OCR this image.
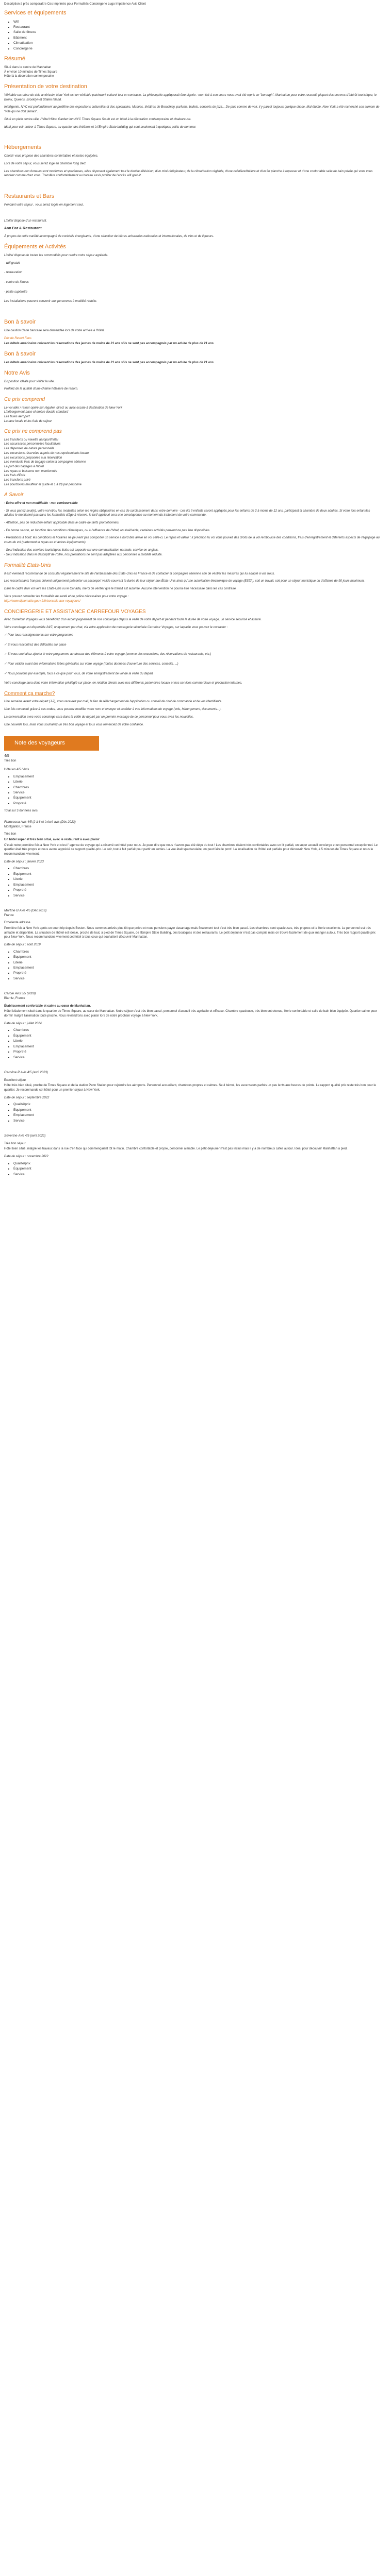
Description à près comparaître Ces imprimés pour Formalités Conciergerie Lugo Impatience Avis Client

Services et équipements
▪ Wifi
▪ Restaurant
▪ Salle de fitness
▪ Bâtiment
▪ Climatisation
▪ Conciergerie
Résumé

Situé dans le centre de Manhattan

À environ 10 minutes de Times Square

Hôtel à la décoration contemporaine

Présentation de votre destination

Véritable carrefour de chic américain, New York est un véritable patchwork culturel tout en contraste. La philosophie appliquerait être signée : mon fait à son cours nous avait été repris en "borough". Manhattan pour votre ressentir plupart des oeuvres d'intérêt touristique, le Bronx, Queens, Brooklyn et Staten Island.

Intelligente, NYC est profondément au prolifère des expositions culturelles et des spectacles. Musées, théâtres de Broadway, parfums, ballets, concerts de jazz... De plus comme de voir, il y parcel toujours quelque chose. Mal étudie, New York a été recherché son surnom de "ville qui ne dort jamais".

Situé en plein centre-ville, l'hôtel Hilton Garden Inn NYC Times Square South est un hôtel à la décoration contemporaine et chaleureuse.

Idéal pour voir arriver à Times Square, au quartier des théâtres et à l'Empire State building qui sont seulement à quelques petits de nommer.

Hébergements

Choisir vous propose des chambres confortables et toutes équipées.

Lors de votre séjour, vous serez logé en chambre King Bed.

Les chambres non fumeurs sont modernes et spacieuses, elles disposent également tout le double télévision, d'un mini-réfrigérateur, de la climatisation réglable, d'une cafetière/théière et d'un fer planche à repasser et d'une confortable salle de bain privée qui vous vous rendrez comme chez vous. Transfère confortablement au bureau assis profiter de l'accès wifi gratuit.

Restaurants et Bars

Pendant votre séjour , vous serez logés en logement seul.

L'hôtel dispose d'un restaurant.

Ann Bar & Restaurant

À propos de cette variété accompagné de cocktails énergisants, d'une sélection de bières artisanales nationales et internationales, de vins et de liqueurs.

Équipements et Activités

L'hôtel dispose de toutes les commodités pour rendre votre séjour agréable.

- wifi gratuit

- restauration

- centre de fitness

- petite supérette

Les installations peuvent convenir aux personnes à mobilité réduite.

Bon à savoir

Une caution Carte bancaire sera demandée lors de votre arrivée à l'hôtel.

Prix de Resort Fees

Les hôtels américains refusent les réservations des jeunes de moins de 21 ans s'ils ne sont pas accompagnés par un adulte de plus de 21 ans.

Bon à savoir

Les hôtels américains refusent les réservations des jeunes de moins de 21 ans s'ils ne sont pas accompagnés par un adulte de plus de 21 ans.

Notre Avis

Disposition idéale pour visiter la ville.

Profitez de la qualité d'une chaîne hôtelière de renom.

Ce prix comprend

Le vol aller / retour opéré sur régulier, direct ou avec escale à destination de New York

L'hébergement base chambre double standard

Les taxes aéroport

La taxe locale et les frais de séjour

Ce prix ne comprend pas

Les transferts ou navette aéroport/hôtel

Les assurances personnelles facultatives

Les dépenses de nature personnelle

Les excursions réservées auprès de nos représentants locaux

Les excursions proposées à la réservation

Les éventuels frais de bagage selon la compagnie aérienne

Le port des bagages à l'hôtel

Les repas et boissons non mentionnés

Les frais d'Esta

Les transferts privé

Les pourboires mauffeur et guide et 1 à 2$ par personne

A Savoir

- Extra offre et non modifiable - non remboursable

- Si vous partez seul(e), votre vol et/ou les modalités selon les règles obligatoires en cas de surclassement dans votre dernière - Les lits ll enfants seront appliqués pour les enfants de 2 à moins de 12 ans, participant la chambre de deux adultes. Si votre lors enfant/les adultes le mentionné pas dans les formalités d'âge à réserve, le tarif appliqué sera une conséquence au moment du traitement de votre commande.

- Attention, pas de réduction enfant applicable dans le cadre de tarifs promotionnels.

- En bonne saison, en fonction des conditions climatiques, ou à l'affluence de l'hôtel, un tirail/sable, certaines activités peuvent ne pas être disponibles.

- Prestations à bord: les conditions et horaires ne peuvent pas comporter un service à bord dès arrivé en vol celle-ci. Le repas et valeur : il précision l'u vol vous pouvez des droits de la vol rembourse des conditions, frais d'enregistrement et différents aspects de l'équipage au cours du vol (partement et repas en et autres équipements).

- Seul indication des services touristiques listés est exposée sur une communication normale, service en anglais.

- Seul indication dans le descriptif de l'offre, nos prestations ne sont pas adaptées aux personnes à mobilité réduite.

Formalité Etats-Unis

Il est vivement recommandé de consulter régulièrement le site de l'ambassade des États-Unis en France et de contacter la compagnie aérienne afin de vérifier les mesures qui lui adapté à vos trous.

Les ressortissants français doivent uniquement présenter un passeport valide couvrant la durée de leur séjour aux États-Unis ainsi qu'une autorisation électronique de voyage (ESTA), soit un travail, soit pour un séjour touristique ou d'affaires de 90 jours maximum.

Dans le cadre d'un vol vers les Etats-Unis ou le Canada, merci de vérifier que le transit est autorisé. Aucune intervention ne pourra être nécessaire dans les cas contraire.

Vous pouvez consulter les formalités de santé et de police nécessaires pour votre voyage :

http://www.diplomatie.gouv.fr/fr/conseils-aux-voyageurs/
CONCIERGERIE ET ASSISTANCE CARREFOUR VOYAGES

Avec Carrefour Voyages vous bénéficiez d'un accompagnement de nos concierges depuis la veille de votre départ et pendant toute la durée de votre voyage, un service sécurisé et assuré.

Votre concierge est disponible 24/7, uniquement par chat, via votre application de messagerie sécurisée Carrefour Voyages, sur laquelle vous pouvez le contacter :

✓ Pour tous renseignements sur votre programme

✓ Si vous rencontrez des difficultés sur place

✓ Si vous souhaitez ajouter à votre programme au-dessus des éléments à votre voyage (comme des excursions, des réservations de restaurants, etc.)

✓ Pour valider avant des informations tirées générales sur votre voyage (toutes données d'ouverture des services, conseils, ...)

✓ Nous pouvons par exemple, tous à ce que pour vous, de votre enregistrement de vol de la veille du départ

Votre concierge aura donc votre information privilégié sur place, en relation directe avec nos différents partenaires locaux et nos services commerciaux et production internes.

Comment ça marche?

Une semaine avant votre départ (J-7), vous recevrez par mail, le lien de téléchargement de l'application ou conseil de chat de commande et de vos identifiants.

Une fois connecté grâce à ces codes, vous pourrez modifier votre nom et envoyer et accéder à vos informations de voyage (vols, hébergement, documents...).

La conversation avec votre concierge sera dans la veille du départ par un premier message de ce personnel pour vous avez les nouvelles.

Une nouvelle fois, mais vous souhaitez un très bon voyage et tous vous remerciez de votre confiance.

Note des voyageurs

4/5

Très bon

Hôtel en 4/5 / Avis

▪ Emplacement
▪ Literie
▪ Chambres
▪ Service
▪ Équipement
▪ Propreté

Total sur 3 données avis

Francesca Avis 4/5 (2 à 6 et à écrit avis (Déc 2023)
Montgaillon, France
Très bon
Un hôtel super et très bien situé, avec le restaurant à avec plaisir
C'était notre première fois à New York et c'est l' agence de voyage qui a réservé cet hôtel pour nous. Je peux dire que nous n'avons pas été déçu du tout ! Les chambres étaient très confortables avec un lit parfait, un super accueil concierge et un personnel exceptionnel. Le quartier était très propre et nous avons apprécié ce rapport qualité-prix. Le soir, tout à fait parfait pour partir en sorties. La vue était spectaculaire, on peut faire le pont ! La localisation de l'hôtel est parfaite pour découvrir New York, à 5 minutes de Times Square et nous le recommandons vivement.
Date de séjour : janvier 2023
▪ Chambres
▪ Équipement
▪ Literie
▪ Emplacement
▪ Propreté
▪ Service
Martine B Avis 4/5 (Déc 2018)
France
Excellente adresse
Première fois à New York après un court trip depuis Boston. Nous sommes arrivés plus tôt que prévu et nous pensions payer davantage mais finalement tout s'est très bien passé. Les chambres sont spacieuses, très propres et la literie excellente. Le personnel est très aimable et disponible. La situation de l'hôtel est idéale, proche de tout, à pied de Times Square, de l'Empire State Building, des boutiques et des restaurants. Le petit déjeuner n'est pas compris mais on trouve facilement de quoi manger autour. Très bon rapport qualité prix pour New York. Nous recommandons vivement cet hôtel à tous ceux qui souhaitent découvrir Manhattan.
Date de séjour : août 2019
▪ Chambres
▪ Équipement
▪ Literie
▪ Emplacement
▪ Propreté
▪ Service
Carole Avis 5/5 (2020)
Biarritz, France
Établissement confortable et calme au cœur de Manhattan.
Hôtel idéalement situé dans le quartier de Times Square, au cœur de Manhattan. Notre séjour s'est très bien passé, personnel d'accueil très agréable et efficace. Chambre spacieuse, très bien entretenue, literie confortable et salle de bain bien équipée. Quartier calme pour dormir malgré l'animation toute proche. Nous reviendrons avec plaisir lors de notre prochain voyage à New York.
Date de séjour : juillet 2024
▪ Chambres
▪ Équipement
▪ Literie
▪ Emplacement
▪ Propreté
▪ Service
Caroline P Avis 4/5 (avril 2023)
Excellent séjour
Hôtel très bien situé, proche de Times Square et de la station Penn Station pour rejoindre les aéroports. Personnel accueillant, chambres propres et calmes. Seul bémol, les ascenseurs parfois un peu lents aux heures de pointe. Le rapport qualité prix reste très bon pour le quartier. Je recommande cet hôtel pour un premier séjour à New York.
Date de séjour : septembre 2022
▪ Qualité/prix
▪ Équipement
▪ Emplacement
▪ Service
Severine Avis 4/5 (avril 2023)
Très bon séjour
Hôtel bien situé, malgré les travaux dans la rue d'en face qui commençaient tôt le matin. Chambre confortable et propre, personnel aimable. Le petit déjeuner n'est pas inclus mais il y a de nombreux cafés autour. Idéal pour découvrir Manhattan à pied.
Date de séjour : novembre 2022
▪ Qualité/prix
▪ Équipement
▪ Service
